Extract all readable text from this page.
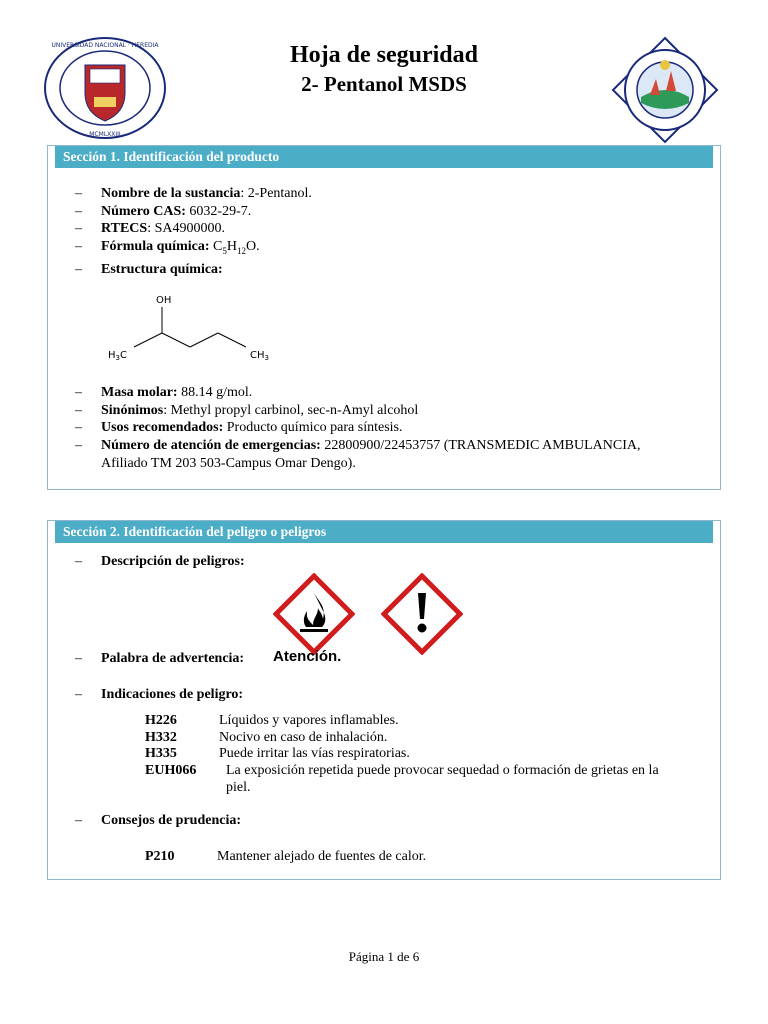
UNIVERSIDAD NACIONAL · HEREDIA
MCMLXXIII
Hoja de seguridad
2- Pentanol MSDS
Sección 1. Identificación del producto
– Nombre de la sustancia: 2-Pentanol.
– Número CAS: 6032-29-7.
– RTECS: SA4900000.
– Fórmula química: $C_5H_{12}O$.
– Estructura química:
OH
$H_3C$	$CH_3$
– Masa molar: 88.14 g/mol.
– Sinónimos: Methyl propyl carbinol, sec-n-Amyl alcohol
– Usos recomendados: Producto químico para síntesis.
– Número de atención de emergencias: 22800900/22453757 (TRANSMEDIC AMBULANCIA,
Afiliado TM 203 503-Campus Omar Dengo).
Sección 2. Identificación del peligro o peligros
– Descripción de peligros:
– Palabra de advertencia: Atención.
– Indicaciones de peligro:
H226	Líquidos y vapores inflamables.
H332	Nocivo en caso de inhalación.
H335	Puede irritar las vías respiratorias.
EUH066 La exposición repetida puede provocar sequedad o formación de grietas en la
piel.
– Consejos de prudencia:
P210	Mantener alejado de fuentes de calor.
Página 1 de 6
